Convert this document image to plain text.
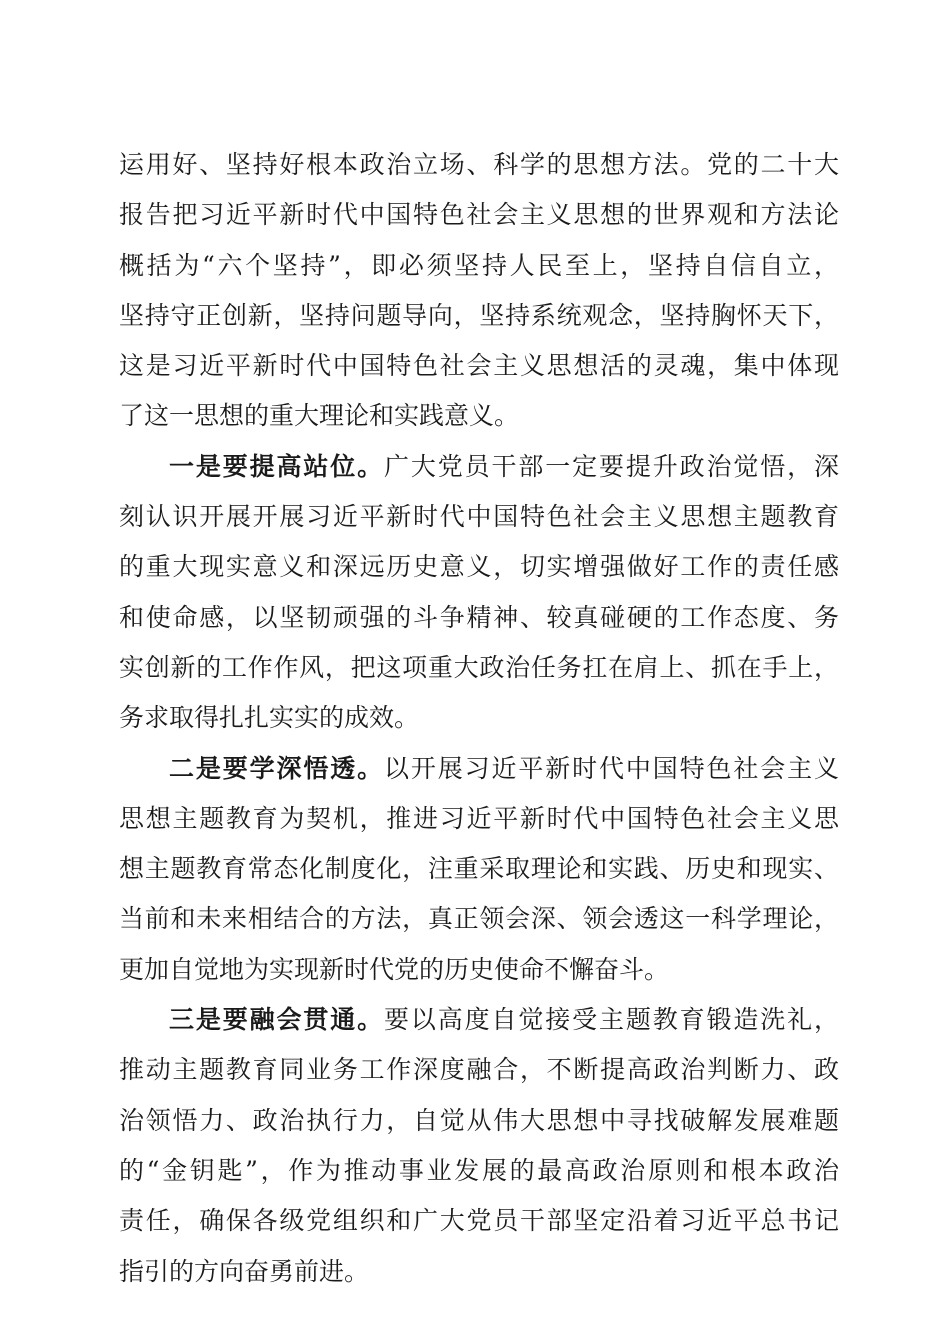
运用好、坚持好根本政治立场、科学的思想方法。党的二十大
报告把习近平新时代中国特色社会主义思想的世界观和方法论
概括为“六个坚持”，即必须坚持人民至上，坚持自信自立，
坚持守正创新，坚持问题导向，坚持系统观念，坚持胸怀天下，
这是习近平新时代中国特色社会主义思想活的灵魂，集中体现
了这一思想的重大理论和实践意义。
一是要提高站位。广大党员干部一定要提升政治觉悟，深
刻认识开展开展习近平新时代中国特色社会主义思想主题教育
的重大现实意义和深远历史意义，切实增强做好工作的责任感
和使命感，以坚韧顽强的斗争精神、较真碰硬的工作态度、务
实创新的工作作风，把这项重大政治任务扛在肩上、抓在手上，
务求取得扎扎实实的成效。
二是要学深悟透。以开展习近平新时代中国特色社会主义
思想主题教育为契机，推进习近平新时代中国特色社会主义思
想主题教育常态化制度化，注重采取理论和实践、历史和现实、
当前和未来相结合的方法，真正领会深、领会透这一科学理论，
更加自觉地为实现新时代党的历史使命不懈奋斗。
三是要融会贯通。要以高度自觉接受主题教育锻造洗礼，
推动主题教育同业务工作深度融合，不断提高政治判断力、政
治领悟力、政治执行力，自觉从伟大思想中寻找破解发展难题
的“金钥匙”，作为推动事业发展的最高政治原则和根本政治
责任，确保各级党组织和广大党员干部坚定沿着习近平总书记
指引的方向奋勇前进。
